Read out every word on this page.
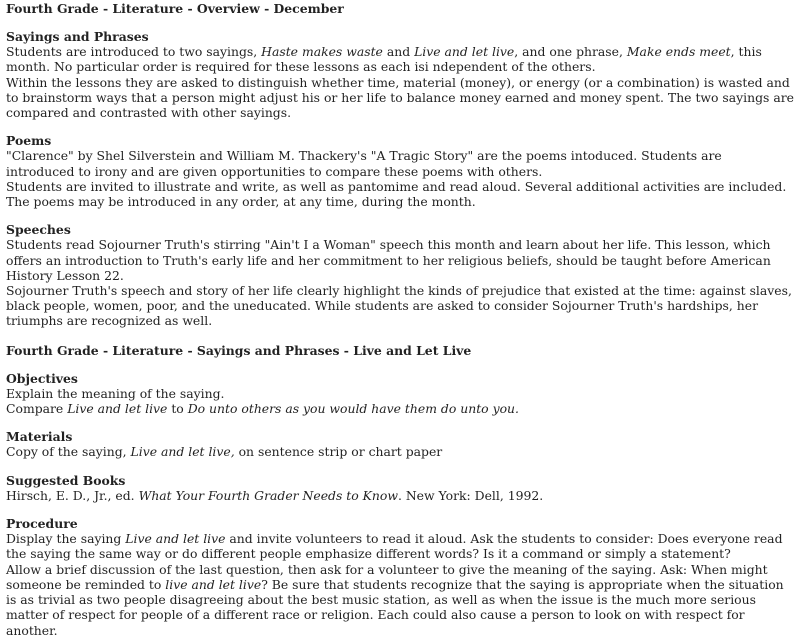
Fourth Grade - Literature - Overview - December
Sayings and Phrases

Students are introduced to two sayings, Haste makes waste and Live and let live, and one phrase, Make ends meet, this month. No particular order is required for these lessons as each isi ndependent of the others.

Within the lessons they are asked to distinguish whether time, material (money), or energy (or a combination) is wasted and to brainstorm ways that a person might adjust his or her life to balance money earned and money spent. The two sayings are compared and contrasted with other sayings.

Poems

"Clarence" by Shel Silverstein and William M. Thackery's "A Tragic Story" are the poems intoduced. Students are introduced to irony and are given opportunities to compare these poems with others.

Students are invited to illustrate and write, as well as pantomime and read aloud. Several additional activities are included. The poems may be introduced in any order, at any time, during the month.

Speeches

Students read Sojourner Truth's stirring "Ain't I a Woman" speech this month and learn about her life. This lesson, which offers an introduction to Truth's early life and her commitment to her religious beliefs, should be taught before American History Lesson 22.

Sojourner Truth's speech and story of her life clearly highlight the kinds of prejudice that existed at the time: against slaves, black people, women, poor, and the uneducated. While students are asked to consider Sojourner Truth's hardships, her triumphs are recognized as well.

Fourth Grade - Literature - Sayings and Phrases - Live and Let Live
Objectives

Explain the meaning of the saying.

Compare Live and let live to Do unto others as you would have them do unto you.

Materials

Copy of the saying, Live and let live, on sentence strip or chart paper

Suggested Books

Hirsch, E. D., Jr., ed. What Your Fourth Grader Needs to Know. New York: Dell, 1992.

Procedure

Display the saying Live and let live and invite volunteers to read it aloud. Ask the students to consider: Does everyone read the saying the same way or do different people emphasize different words? Is it a command or simply a statement?

Allow a brief discussion of the last question, then ask for a volunteer to give the meaning of the saying. Ask: When might someone be reminded to live and let live? Be sure that students recognize that the saying is appropriate when the situation is as trivial as two people disagreeing about the best music station, as well as when the issue is the much more serious matter of respect for people of a different race or religion. Each could also cause a person to look on with respect for another.
